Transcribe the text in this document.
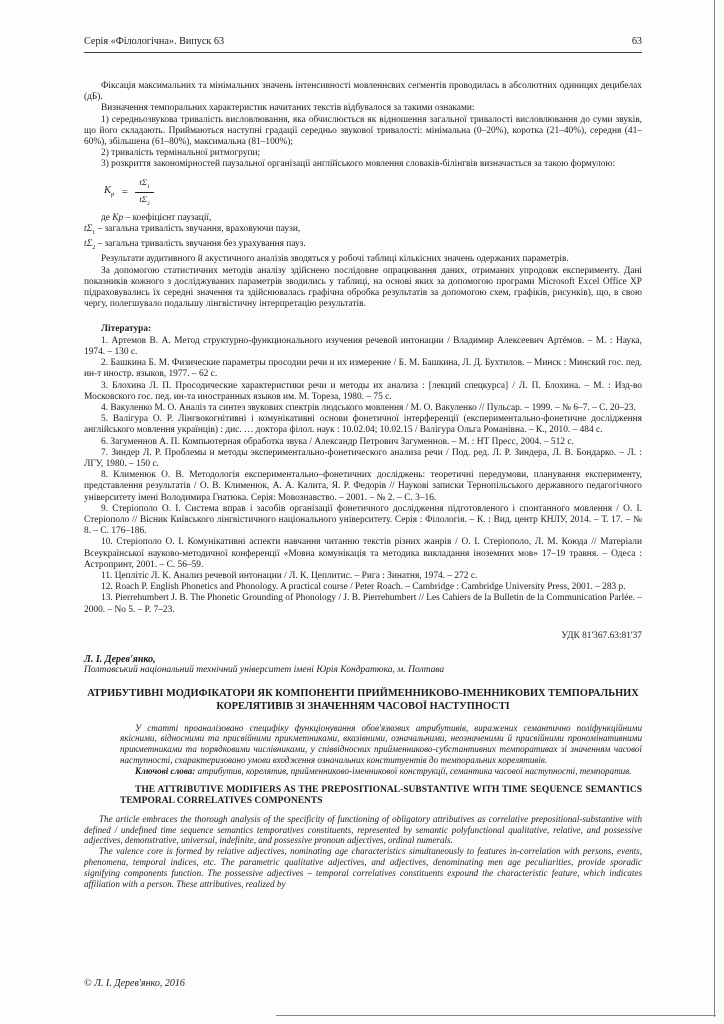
Серія «Філологічна». Випуск 63	63

Фіксація максимальних та мінімальних значень інтенсивності мовленнєвих сегментів проводилась в абсолютних одиницях децибелах (дБ).

Визначення темпоральних характеристик начитаних текстів відбувалося за такими ознаками:

1) середньозвукова тривалість висловлювання, яка обчислюється як відношення загальної тривалості висловлювання до суми звуків, що його складають. Приймаються наступні градації середньо звукової тривалості: мінімальна (0–20%), коротка (21–40%), середня (41–60%), збільшена (61–80%), максимальна (81–100%);

2) тривалість термінальної ритмогрупи;

3) розкриття закономірностей паузальної організації англійського мовлення словаків-білінгвів визначається за такою формулою:

$K_p = \frac{t\Sigma_1}{t\Sigma_2}$

де Kp – коефіцієнт паузації,

$t\Sigma_1$ – загальна тривалість звучання, враховуючи паузи,

$t\Sigma_2$ – загальна тривалість звучання без урахування пауз.

Результати аудитивного й акустичного аналізів зводяться у робочі таблиці кількісних значень одержаних параметрів.

За допомогою статистичних методів аналізу здійснено послідовне опрацювання даних, отриманих упродовж експерименту. Дані показників кожного з досліджуваних параметрів зводились у таблиці, на основі яких за допомогою програми Microsoft Excel Office XP підраховувались їх середні значення та здійснювалась графічна обробка результатів за допомогою схем, графіків, рисунків), що, в свою чергу, полегшувало подальшу лінгвістичну інтерпретацію результатів.

Література:

1. Артемов В. А. Метод структурно-функционального изучения речевой интонации / Владимир Алексеевич Артёмов. – М. : Наука, 1974. – 130 с.

2. Башкина Б. М. Физические параметры просодии речи и их измерение / Б. М. Башкина, Л. Д. Бухтилов. – Минск : Минский гос. пед. ин-т иностр. языков, 1977. – 62 с.

3. Блохина Л. П. Просодические характеристики речи и методы их анализа : [лекций спецкурса] / Л. П. Блохина. – М. : Изд-во Московского гос. пед. ин-та иностранных языков им. М. Тореза, 1980. – 75 с.

4. Вакуленко М. О. Аналіз та синтез звукових спектрів людського мовлення / М. О. Вакуленко // Пульсар. – 1999. – № 6–7. – С. 20–23.

5. Валігура О. Р. Лінгвокогнітивні і комунікативні основи фонетичної інтерференції (експериментально-фонетичне дослідження англійського мовлення українців) : дис. … доктора філол. наук : 10.02.04; 10.02.15 / Валігура Ольга Романівна. – К., 2010. – 484 с.

6. Загуменнов А. П. Компьютерная обработка звука / Александр Петрович Загуменнов. – М. : НТ Пресс, 2004. – 512 с.

7. Зиндер Л. Р. Проблемы и методы экспериментально-фонетического анализа речи / Под. ред. Л. Р. Зиндера, Л. В. Бондарко. – Л. : ЛГУ, 1980. – 150 с.

8. Клименюк О. В. Методологія експериментально–фонетичних досліджень: теоретичні передумови, планування експерименту, представлення результатів / О. В. Клименюк, А. А. Калита, Я. Р. Федорів // Наукові записки Тернопільського державного педагогічного університету імені Володимира Гнатюка. Серія: Мовознавство. – 2001. – № 2. – С. 3–16.

9. Стеріополо О. І. Система вправ і засобів організації фонетичного дослідження підготовленого і спонтанного мовлення / О. І. Стеріополо // Вісник Київського лінгвістичного національного університету. Серія : Філологія. – К. : Вид. центр КНЛУ, 2014. – Т. 17. – № 8. – С. 176–186.

10. Стеріополо О. І. Комунікативні аспекти навчання читанню текстів різних жанрів / О. І. Стеріополо, Л. М. Коюда // Матеріали Всеукраїнської науково-методичної конференції «Мовна комунікація та методика викладання іноземних мов» 17–19 травня. – Одеса : Астропринт, 2001. – С. 56–59.

11. Цеплітіс Л. К. Анализ речевой интонации / Л. К. Цеплитис. – Рига : Зинатня, 1974. – 272 с.

12. Roach P. English Phonetics and Phonology. A practical course / Peter Roach. – Cambridge : Cambridge University Press, 2001. – 283 p.

13. Pierrehumbert J. B. The Phonetic Grounding of Phonology / J. B. Pierrehumbert // Les Cahiers de la Bulletin de la Communication Parlée. – 2000. – No 5. – P. 7–23.

УДК 81'367.63:81'37

Л. І. Дерев'янко,

Полтавський національний технічний університет імені Юрія Кондратюка, м. Полтава

АТРИБУТИВНІ МОДИФІКАТОРИ ЯК КОМПОНЕНТИ ПРИЙМЕННИКОВО-ІМЕННИКОВИХ ТЕМПОРАЛЬНИХ КОРЕЛЯТИВІВ ЗІ ЗНАЧЕННЯМ ЧАСОВОЇ НАСТУПНОСТІ

У статті проаналізовано специфіку функціонування обов'язкових атрибутивів, виражених семантично поліфункційними якісними, відносними та присвійними прикметниками, вказівними, означальними, неозначеними й присвійними прономінативними прикметниками та порядковими числівниками, у співвідносних прийменниково-субстантивних темпоративах зі значенням часової наступності, схарактеризовано умови входження означальних конституентів до темпоральних корелятивів.

Ключові слова: атрибутив, корелятив, прийменниково-іменникової конструкції, семантика часової наступності, темпоратив.

THE ATTRIBUTIVE MODIFIERS AS THE PREPOSITIONAL-SUBSTANTIVE WITH TIME SEQUENCE SEMANTICS TEMPORAL CORRELATIVES COMPONENTS

The article embraces the thorough analysis of the specificity of functioning of obligatory attributives as correlative prepositional-substantive with defined / undefined time sequence semantics temporatives constituents, represented by semantic polyfunctional qualitative, relative, and possessive adjectives, demonstrative, universal, indefinite, and possessive pronoun adjectives, ordinal numerals.

The valence core is formed by relative adjectives, nominating age characteristics simultaneously to features in-correlation with persons, events, phenomena, temporal indices, etc. The parametric qualitative adjectives, and adjectives, denominating men age peculiarities, provide sporadic signifying components function. The possessive adjectives – temporal correlatives constituents expound the characteristic feature, which indicates affiliation with a person. These attributives, realized by

© Л. І. Дерев'янко, 2016
